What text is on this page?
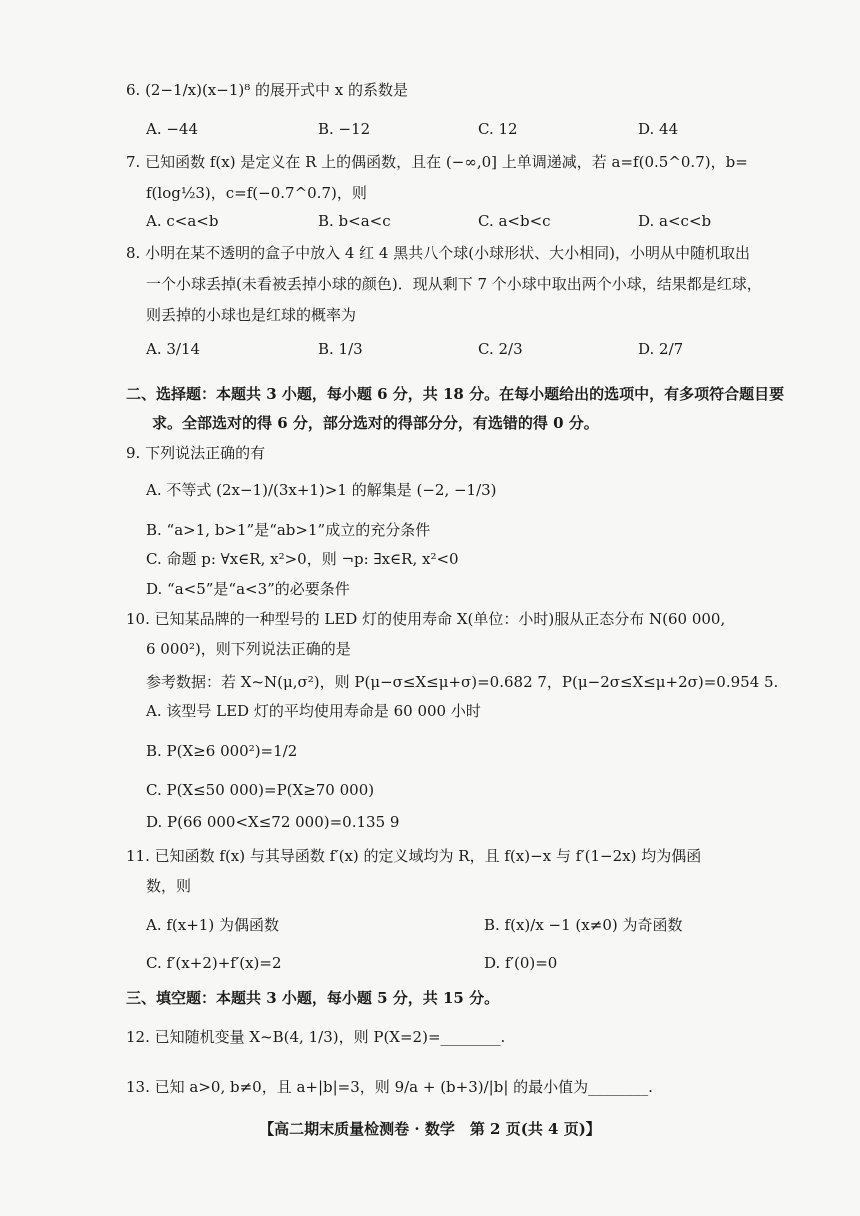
6. (2−1/x)(x−1)⁸ 的展开式中 x 的系数是
A. −44	B. −12	C. 12	D. 44
7. 已知函数 f(x) 是定义在 R 上的偶函数，且在 (−∞,0] 上单调递减，若 a=f(0.5^0.7)，b=
f(log½3)，c=f(−0.7^0.7)，则
A. c<a<b	B. b<a<c	C. a<b<c	D. a<c<b
8. 小明在某不透明的盒子中放入 4 红 4 黑共八个球(小球形状、大小相同)，小明从中随机取出
一个小球丢掉(未看被丢掉小球的颜色)．现从剩下 7 个小球中取出两个小球，结果都是红球，
则丢掉的小球也是红球的概率为
A. 3/14	B. 1/3	C. 2/3	D. 2/7
二、选择题：本题共 3 小题，每小题 6 分，共 18 分。在每小题给出的选项中，有多项符合题目要
求。全部选对的得 6 分，部分选对的得部分分，有选错的得 0 分。
9. 下列说法正确的有
A. 不等式 (2x−1)/(3x+1)>1 的解集是 (−2, −1/3)
B. “a>1, b>1”是“ab>1”成立的充分条件
C. 命题 p: ∀x∈R, x²>0，则 ¬p: ∃x∈R, x²<0
D. “a<5”是“a<3”的必要条件
10. 已知某品牌的一种型号的 LED 灯的使用寿命 X(单位：小时)服从正态分布 N(60 000,
6 000²)，则下列说法正确的是
参考数据：若 X~N(μ,σ²)，则 P(μ−σ≤X≤μ+σ)=0.682 7，P(μ−2σ≤X≤μ+2σ)=0.954 5.
A. 该型号 LED 灯的平均使用寿命是 60 000 小时
B. P(X≥6 000²)=1/2
C. P(X≤50 000)=P(X≥70 000)
D. P(66 000<X≤72 000)=0.135 9
11. 已知函数 f(x) 与其导函数 f′(x) 的定义域均为 R，且 f(x)−x 与 f′(1−2x) 均为偶函
数，则
A. f(x+1) 为偶函数	B. f(x)/x −1 (x≠0) 为奇函数
C. f′(x+2)+f′(x)=2	D. f′(0)=0
三、填空题：本题共 3 小题，每小题 5 分，共 15 分。
12. 已知随机变量 X~B(4, 1/3)，则 P(X=2)=________.
13. 已知 a>0, b≠0，且 a+|b|=3，则 9/a + (b+3)/|b| 的最小值为________.
【高二期末质量检测卷 · 数学　第 2 页(共 4 页)】
